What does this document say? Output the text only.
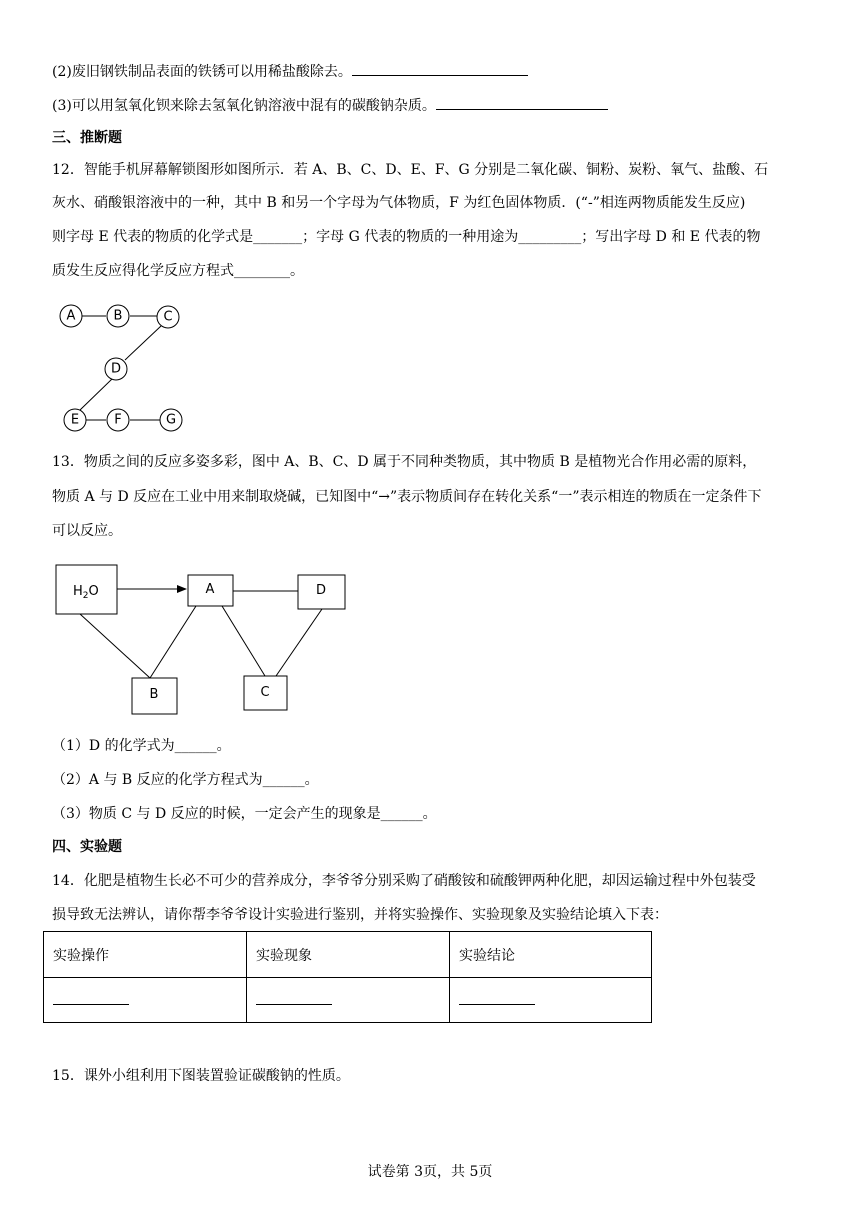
(2)废旧钢铁制品表面的铁锈可以用稀盐酸除去。
(3)可以用氢氧化钡来除去氢氧化钠溶液中混有的碳酸钠杂质。
三、推断题
12．智能手机屏幕解锁图形如图所示．若 A、B、C、D、E、F、G 分别是二氧化碳、铜粉、炭粉、氧气、盐酸、石
灰水、硝酸银溶液中的一种，其中 B 和另一个字母为气体物质，F 为红色固体物质．(“-”相连两物质能发生反应)
则字母 E 代表的物质的化学式是_______；字母 G 代表的物质的一种用途为_________；写出字母 D 和 E 代表的物
质发生反应得化学反应方程式________。
A	B	C
D
E	F	G
13．物质之间的反应多姿多彩，图中 A、B、C、D 属于不同种类物质，其中物质 B 是植物光合作用必需的原料，
物质 A 与 D 反应在工业中用来制取烧碱，已知图中“→”表示物质间存在转化关系“一”表示相连的物质在一定条件下
可以反应。
$H_2O$	A	D
B	C
（1）D 的化学式为______。
（2）A 与 B 反应的化学方程式为______。
（3）物质 C 与 D 反应的时候，一定会产生的现象是______。
四、实验题
14．化肥是植物生长必不可少的营养成分，李爷爷分别采购了硝酸铵和硫酸钾两种化肥，却因运输过程中外包装受
损导致无法辨认，请你帮李爷爷设计实验进行鉴别，并将实验操作、实验现象及实验结论填入下表：
实验操作	实验现象	实验结论

15．课外小组利用下图装置验证碳酸钠的性质。
试卷第 3页，共 5页
